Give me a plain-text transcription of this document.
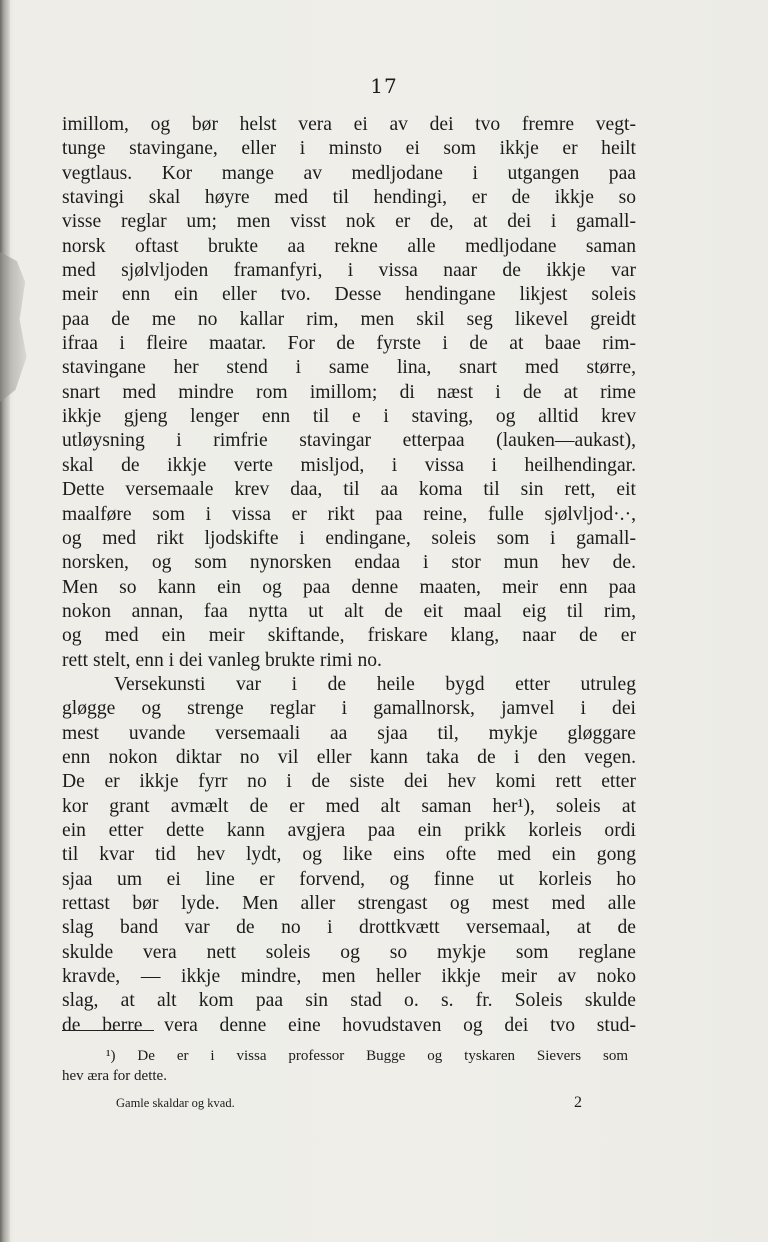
17
imillom, og bør helst vera ei av dei tvo fremre vegt-
tunge stavingane, eller i minsto ei som ikkje er heilt
vegtlaus. Kor mange av medljodane i utgangen paa
stavingi skal høyre med til hendingi, er de ikkje so
visse reglar um; men visst nok er de, at dei i gamall-
norsk oftast brukte aa rekne alle medljodane saman
med sjølvljoden framanfyri, i vissa naar de ikkje var
meir enn ein eller tvo. Desse hendingane likjest soleis
paa de me no kallar rim, men skil seg likevel greidt
ifraa i fleire maatar. For de fyrste i de at baae rim-
stavingane her stend i same lina, snart med større,
snart med mindre rom imillom; di næst i de at rime
ikkje gjeng lenger enn til e i staving, og alltid krev
utløysning i rimfrie stavingar etterpaa (lauken—aukast),
skal de ikkje verte misljod, i vissa i heilhendingar.
Dette versemaale krev daa, til aa koma til sin rett, eit
maalføre som i vissa er rikt paa reine, fulle sjølvljod·.·,
og med rikt ljodskifte i endingane, soleis som i gamall-
norsken, og som nynorsken endaa i stor mun hev de.
Men so kann ein og paa denne maaten, meir enn paa
nokon annan, faa nytta ut alt de eit maal eig til rim,
og med ein meir skiftande, friskare klang, naar de er
rett stelt, enn i dei vanleg brukte rimi no.
Versekunsti var i de heile bygd etter utruleg
gløgge og strenge reglar i gamallnorsk, jamvel i dei
mest uvande versemaali aa sjaa til, mykje gløggare
enn nokon diktar no vil eller kann taka de i den vegen.
De er ikkje fyrr no i de siste dei hev komi rett etter
kor grant avmælt de er med alt saman her¹), soleis at
ein etter dette kann avgjera paa ein prikk korleis ordi
til kvar tid hev lydt, og like eins ofte med ein gong
sjaa um ei line er forvend, og finne ut korleis ho
rettast bør lyde. Men aller strengast og mest med alle
slag band var de no i drottkvætt versemaal, at de
skulde vera nett soleis og so mykje som reglane
kravde, — ikkje mindre, men heller ikkje meir av noko
slag, at alt kom paa sin stad o. s. fr. Soleis skulde
de berre vera denne eine hovudstaven og dei tvo stud-
¹) De er i vissa professor Bugge og tyskaren Sievers som
hev æra for dette.
Gamle skaldar og kvad.	2
